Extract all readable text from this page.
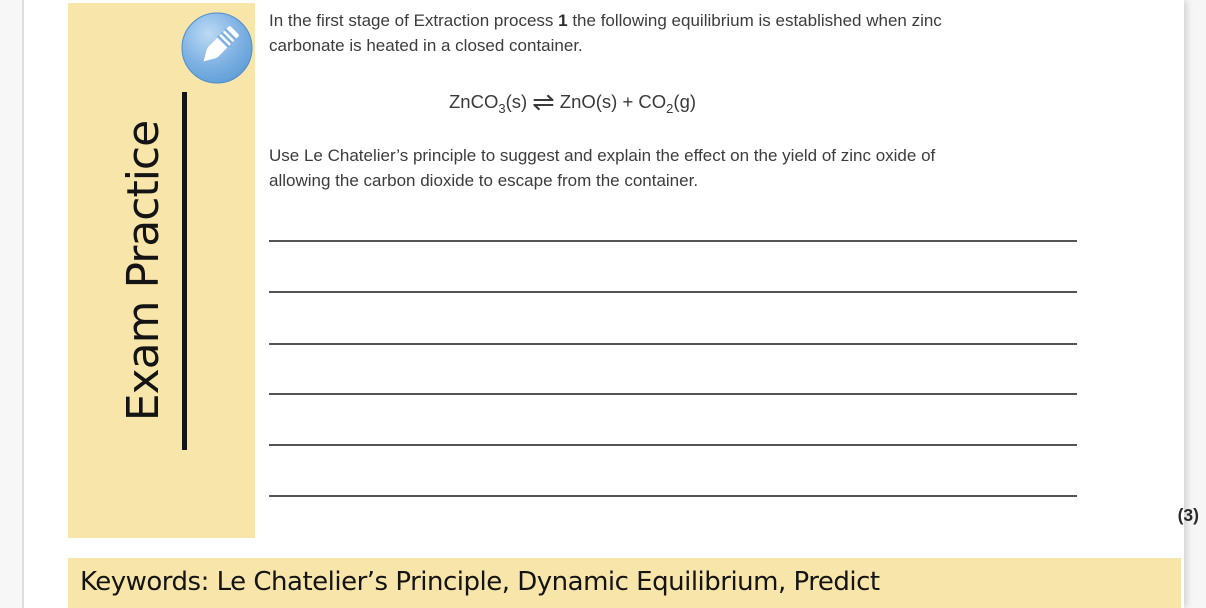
Exam Practice
In the first stage of Extraction process 1 the following equilibrium is established when zinc
carbonate is heated in a closed container.
ZnCO$_3$(s) ⇌ $ZnO(s) + CO_2(g)$
Use Le Chatelier’s principle to suggest and explain the effect on the yield of zinc oxide of
allowing the carbon dioxide to escape from the container.
(3)
Keywords: Le Chatelier’s Principle, Dynamic Equilibrium, Predict
